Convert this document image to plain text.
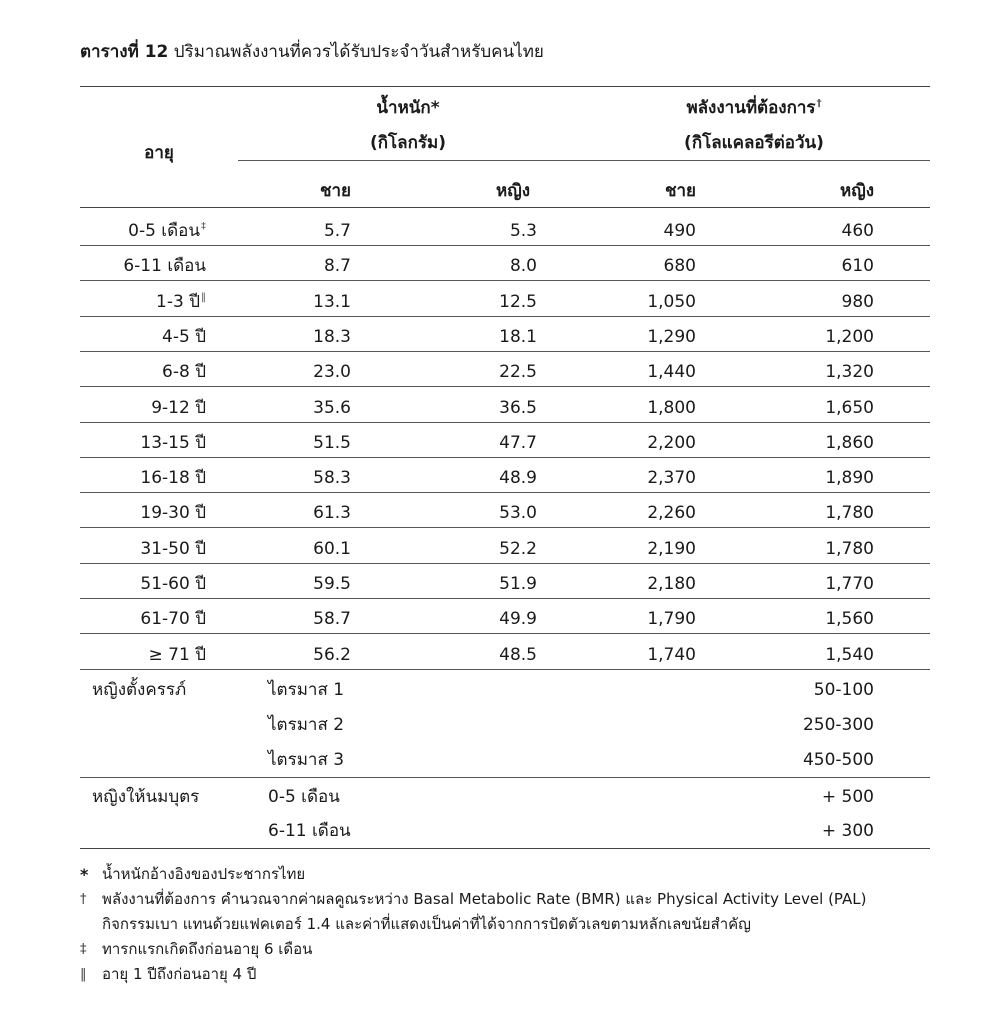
ตารางที่ 12 ปริมาณพลังงานที่ควรได้รับประจำวันสำหรับคนไทย
อายุ
น้ำหนัก*
(กิโลกรัม)
พลังงานที่ต้องการ†
(กิโลแคลอรีต่อวัน)
ชาย	หญิง	ชาย	หญิง
0-5 เดือน‡	5.7	5.3	490	460
6-11 เดือน	8.7	8.0	680	610
1-3 ปี‖	13.1	12.5	1,050	980
4-5 ปี	18.3	18.1	1,290	1,200
6-8 ปี	23.0	22.5	1,440	1,320
9-12 ปี	35.6	36.5	1,800	1,650
13-15 ปี	51.5	47.7	2,200	1,860
16-18 ปี	58.3	48.9	2,370	1,890
19-30 ปี	61.3	53.0	2,260	1,780
31-50 ปี	60.1	52.2	2,190	1,780
51-60 ปี	59.5	51.9	2,180	1,770
61-70 ปี	58.7	49.9	1,790	1,560
≥ 71 ปี	56.2	48.5	1,740	1,540
หญิงตั้งครรภ์	ไตรมาส 1	50-100
ไตรมาส 2	250-300
ไตรมาส 3	450-500
หญิงให้นมบุตร	0-5 เดือน	+ 500
6-11 เดือน	+ 300
* น้ำหนักอ้างอิงของประชากรไทย
†	พลังงานที่ต้องการ คำนวณจากค่าผลคูณระหว่าง Basal Metabolic Rate (BMR) และ Physical Activity Level (PAL)
กิจกรรมเบา แทนด้วยแฟคเตอร์ 1.4 และค่าที่แสดงเป็นค่าที่ได้จากการปัดตัวเลขตามหลักเลขนัยสำคัญ
‡	ทารกแรกเกิดถึงก่อนอายุ 6 เดือน
‖	อายุ 1 ปีถึงก่อนอายุ 4 ปี
